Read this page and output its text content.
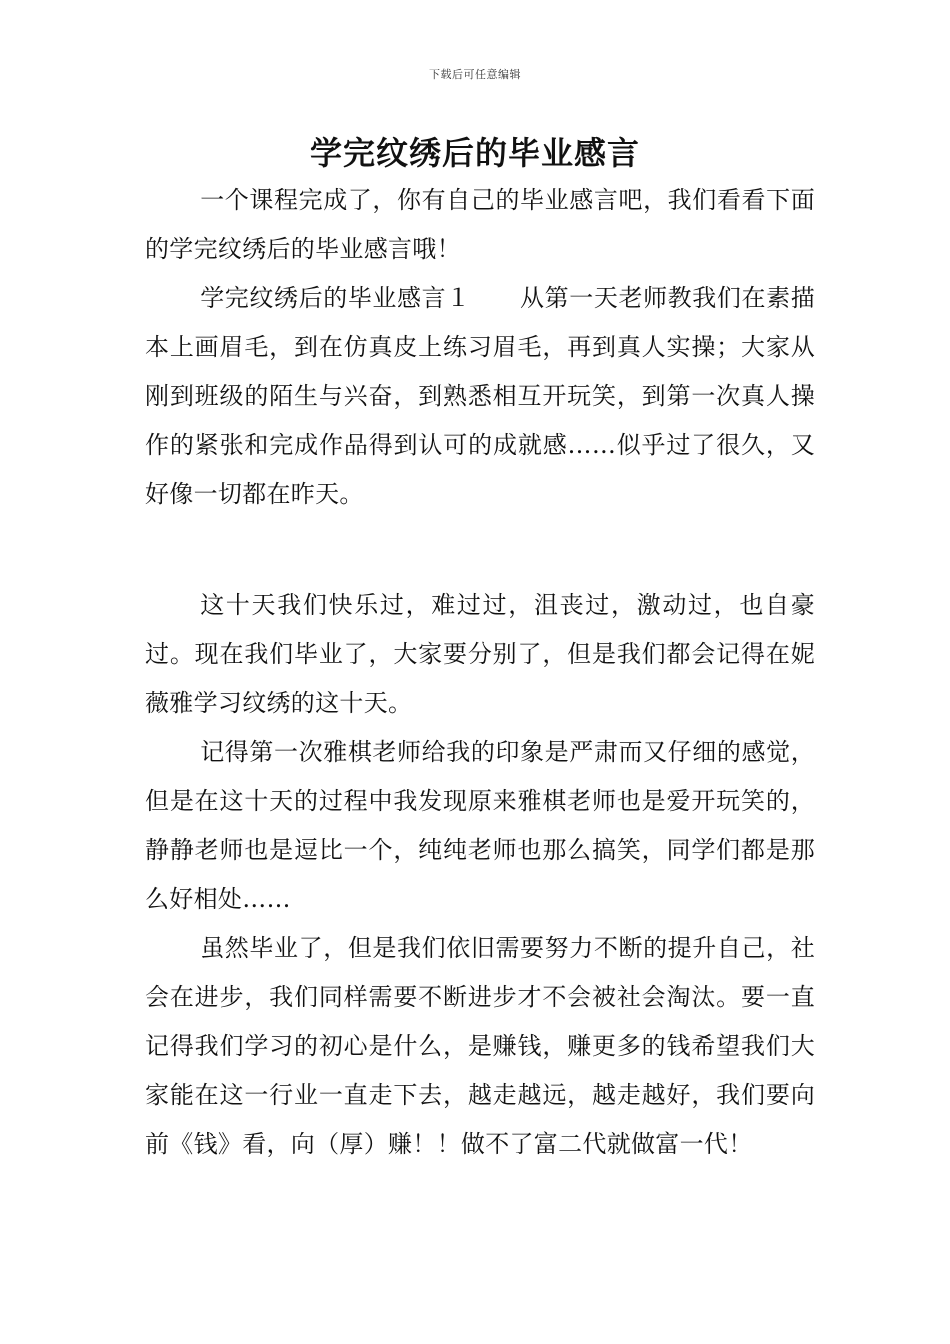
下载后可任意编辑
学完纹绣后的毕业感言

一个课程完成了，你有自己的毕业感言吧，我们看看下面的学完纹绣后的毕业感言哦！

学完纹绣后的毕业感言１　　从第一天老师教我们在素描本上画眉毛，到在仿真皮上练习眉毛，再到真人实操；大家从刚到班级的陌生与兴奋，到熟悉相互开玩笑，到第一次真人操作的紧张和完成作品得到认可的成就感……似乎过了很久，又好像一切都在昨天。

这十天我们快乐过，难过过，沮丧过，激动过，也自豪过。现在我们毕业了，大家要分别了，但是我们都会记得在妮薇雅学习纹绣的这十天。

记得第一次雅棋老师给我的印象是严肃而又仔细的感觉，但是在这十天的过程中我发现原来雅棋老师也是爱开玩笑的，静静老师也是逗比一个，纯纯老师也那么搞笑，同学们都是那么好相处……

虽然毕业了，但是我们依旧需要努力不断的提升自己，社会在进步，我们同样需要不断进步才不会被社会淘汰。要一直记得我们学习的初心是什么，是赚钱，赚更多的钱希望我们大家能在这一行业一直走下去，越走越远，越走越好，我们要向前《钱》看，向（厚）赚！！做不了富二代就做富一代！
